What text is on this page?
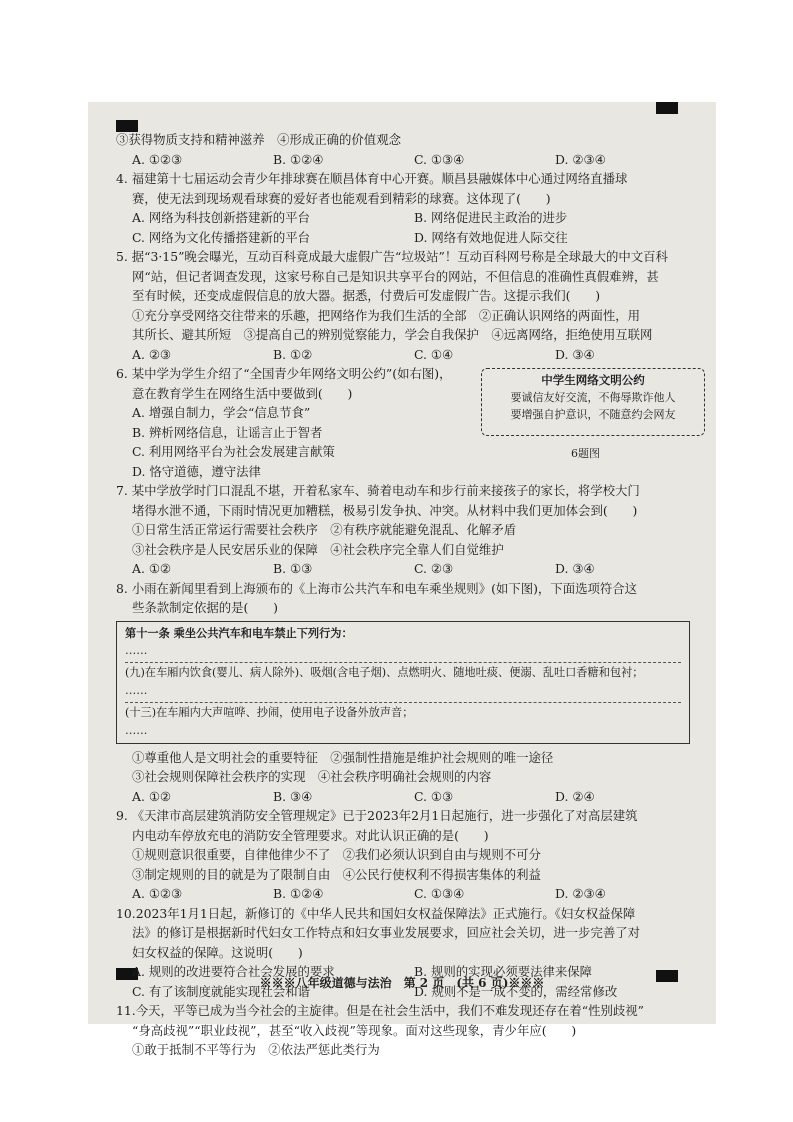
③获得物质支持和精神滋养　④形成正确的价值观念
A. ①②③	B. ①②④	C. ①③④	D. ②③④
4. 福建第十七届运动会青少年排球赛在顺昌体育中心开赛。顺昌县融媒体中心通过网络直播球
赛，使无法到现场观看球赛的爱好者也能观看到精彩的球赛。这体现了(　　)
A. 网络为科技创新搭建新的平台	B. 网络促进民主政治的进步
C. 网络为文化传播搭建新的平台	D. 网络有效地促进人际交往
5. 据“3·15”晚会曝光，互动百科竟成最大虚假广告“垃圾站”！互动百科网号称是全球最大的中文百科
网“站，但记者调查发现，这家号称自己是知识共享平台的网站，不但信息的准确性真假难辨，甚
至有时候，还变成虚假信息的放大器。据悉，付费后可发虚假广告。这提示我们(　　)
①充分享受网络交往带来的乐趣，把网络作为我们生活的全部　②正确认识网络的两面性，用
其所长、避其所短　③提高自己的辨别觉察能力，学会自我保护　④远离网络，拒绝使用互联网
A. ②③	B. ①②	C. ①④	D. ③④
6. 某中学为学生介绍了“全国青少年网络文明公约”(如右图)，
意在教育学生在网络生活中要做到(　　)
A. 增强自制力，学会“信息节食”
B. 辨析网络信息，让谣言止于智者
C. 利用网络平台为社会发展建言献策
D. 恪守道德，遵守法律
中学生网络文明公约
要诚信友好交流，不侮辱欺诈他人
要增强自护意识，不随意约会网友
6题图
7. 某中学放学时门口混乱不堪，开着私家车、骑着电动车和步行前来接孩子的家长，将学校大门
堵得水泄不通，下雨时情况更加糟糕，极易引发争执、冲突。从材料中我们更加体会到(　　)
①日常生活正常运行需要社会秩序　②有秩序就能避免混乱、化解矛盾
③社会秩序是人民安居乐业的保障　④社会秩序完全靠人们自觉维护
A. ①②	B. ①③	C. ②③	D. ③④
8. 小雨在新闻里看到上海颁布的《上海市公共汽车和电车乘坐规则》(如下图)，下面选项符合这
些条款制定依据的是(　　)
第十一条 乘坐公共汽车和电车禁止下列行为：
……
(九)在车厢内饮食(婴儿、病人除外)、吸烟(含电子烟)、点燃明火、随地吐痰、便溺、乱吐口香糖和包衬；
……
(十三)在车厢内大声喧哗、抄闹，使用电子设备外放声音；
……
①尊重他人是文明社会的重要特征　②强制性措施是维护社会规则的唯一途径
③社会规则保障社会秩序的实现　④社会秩序明确社会规则的内容
A. ①②	B. ③④	C. ①③	D. ②④
9. 《天津市高层建筑消防安全管理规定》已于2023年2月1日起施行，进一步强化了对高层建筑
内电动车停放充电的消防安全管理要求。对此认识正确的是(　　)
①规则意识很重要，自律他律少不了　②我们必须认识到自由与规则不可分
③制定规则的目的就是为了限制自由　④公民行使权利不得损害集体的利益
A. ①②③	B. ①②④	C. ①③④	D. ②③④
10.2023年1月1日起，新修订的《中华人民共和国妇女权益保障法》正式施行。《妇女权益保障
法》的修订是根据新时代妇女工作特点和妇女事业发展要求，回应社会关切，进一步完善了对
妇女权益的保障。这说明(　　)
A. 规则的改进要符合社会发展的要求	B. 规则的实现必须要法律来保障
C. 有了该制度就能实现社会和谐	D. 规则不是一成不变的，需经常修改
11.今天，平等已成为当今社会的主旋律。但是在社会生活中，我们不难发现还存在着“性别歧视”
“身高歧视”“职业歧视”，甚至“收入歧视”等现象。面对这些现象，青少年应(　　)
①敢于抵制不平等行为　②依法严惩此类行为
※※※八年级道德与法治　第 2 页　(共 6 页)※※※
